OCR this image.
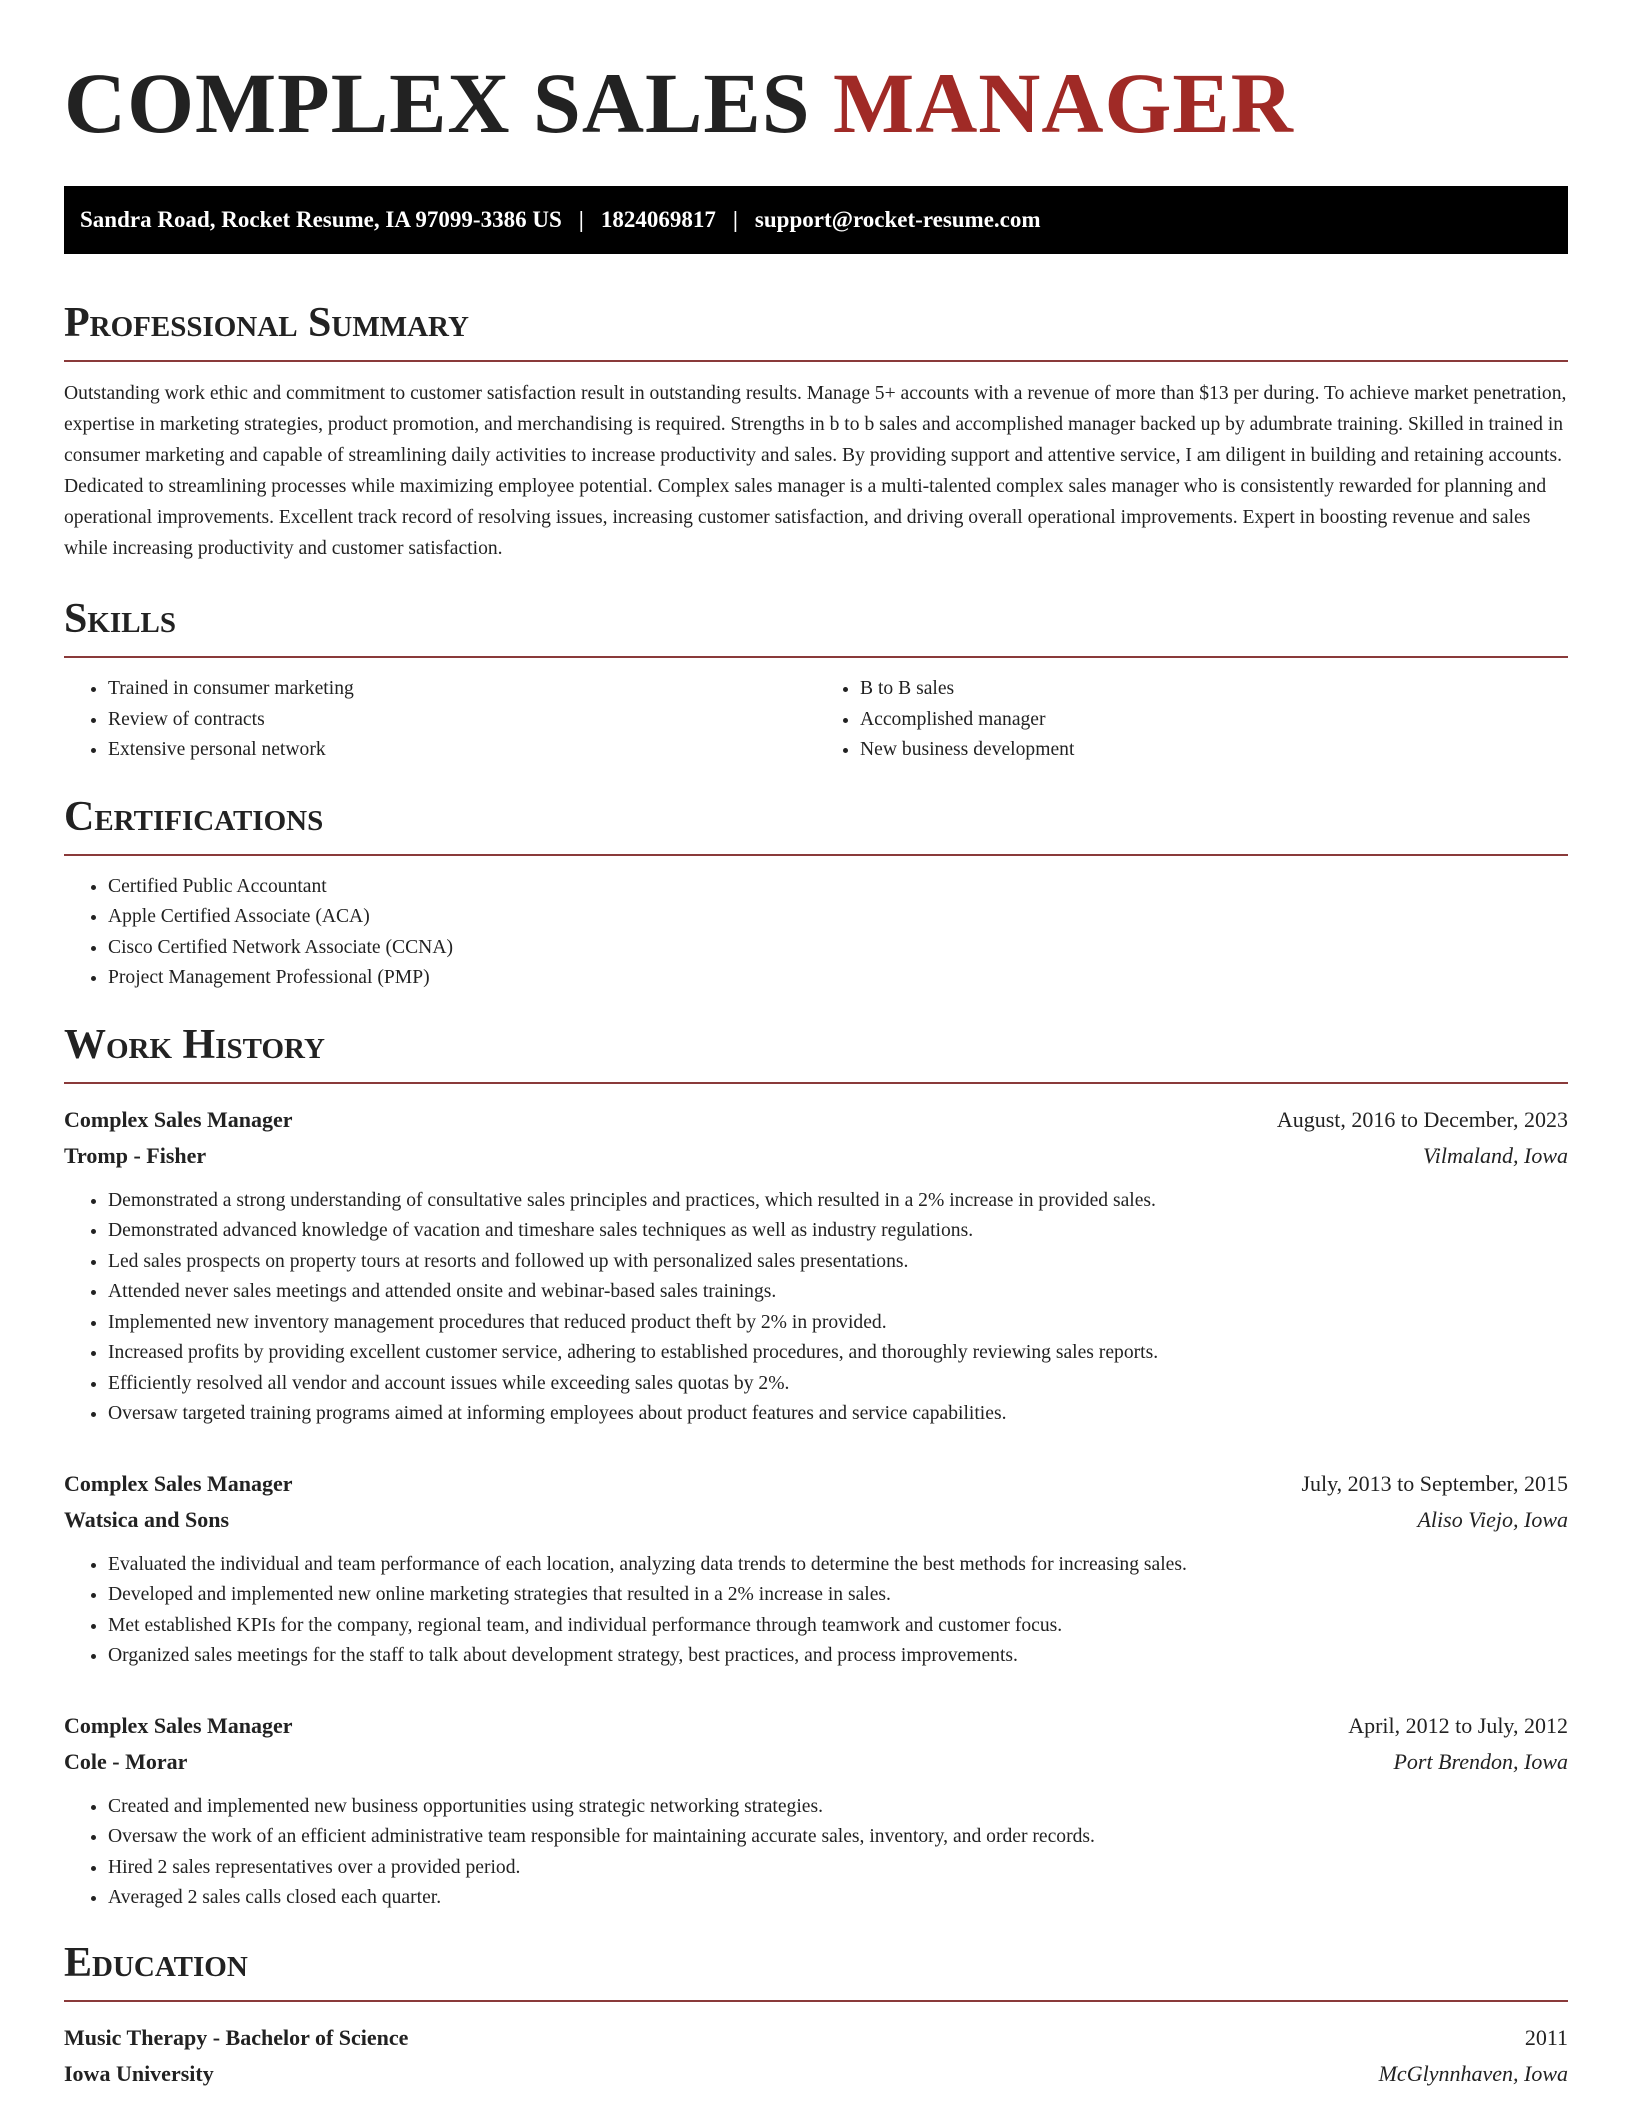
COMPLEX SALES MANAGER
Sandra Road, Rocket Resume, IA 97099-3386 US | 1824069817 | support@rocket-resume.com
Professional Summary

Outstanding work ethic and commitment to customer satisfaction result in outstanding results. Manage 5+ accounts with a revenue of more than $13 per during. To achieve market penetration, expertise in marketing strategies, product promotion, and merchandising is required. Strengths in b to b sales and accomplished manager backed up by adumbrate training. Skilled in trained in consumer marketing and capable of streamlining daily activities to increase productivity and sales. By providing support and attentive service, I am diligent in building and retaining accounts. Dedicated to streamlining processes while maximizing employee potential. Complex sales manager is a multi-talented complex sales manager who is consistently rewarded for planning and operational improvements. Excellent track record of resolving issues, increasing customer satisfaction, and driving overall operational improvements. Expert in boosting revenue and sales while increasing productivity and customer satisfaction.

Skills
• Trained in consumer marketing
• Review of contracts
• Extensive personal network
• B to B sales
• Accomplished manager
• New business development
Certifications
• Certified Public Accountant
• Apple Certified Associate (ACA)
• Cisco Certified Network Associate (CCNA)
• Project Management Professional (PMP)
Work History
Complex Sales Manager	August, 2016 to December, 2023
Tromp - Fisher	Vilmaland, Iowa
• Demonstrated a strong understanding of consultative sales principles and practices, which resulted in a 2% increase in provided sales.
• Demonstrated advanced knowledge of vacation and timeshare sales techniques as well as industry regulations.
• Led sales prospects on property tours at resorts and followed up with personalized sales presentations.
• Attended never sales meetings and attended onsite and webinar-based sales trainings.
• Implemented new inventory management procedures that reduced product theft by 2% in provided.
• Increased profits by providing excellent customer service, adhering to established procedures, and thoroughly reviewing sales reports.
• Efficiently resolved all vendor and account issues while exceeding sales quotas by 2%.
• Oversaw targeted training programs aimed at informing employees about product features and service capabilities.
Complex Sales Manager	July, 2013 to September, 2015
Watsica and Sons	Aliso Viejo, Iowa
• Evaluated the individual and team performance of each location, analyzing data trends to determine the best methods for increasing sales.
• Developed and implemented new online marketing strategies that resulted in a 2% increase in sales.
• Met established KPIs for the company, regional team, and individual performance through teamwork and customer focus.
• Organized sales meetings for the staff to talk about development strategy, best practices, and process improvements.
Complex Sales Manager	April, 2012 to July, 2012
Cole - Morar	Port Brendon, Iowa
• Created and implemented new business opportunities using strategic networking strategies.
• Oversaw the work of an efficient administrative team responsible for maintaining accurate sales, inventory, and order records.
• Hired 2 sales representatives over a provided period.
• Averaged 2 sales calls closed each quarter.
Education
Music Therapy - Bachelor of Science	2011
Iowa University	McGlynnhaven, Iowa
